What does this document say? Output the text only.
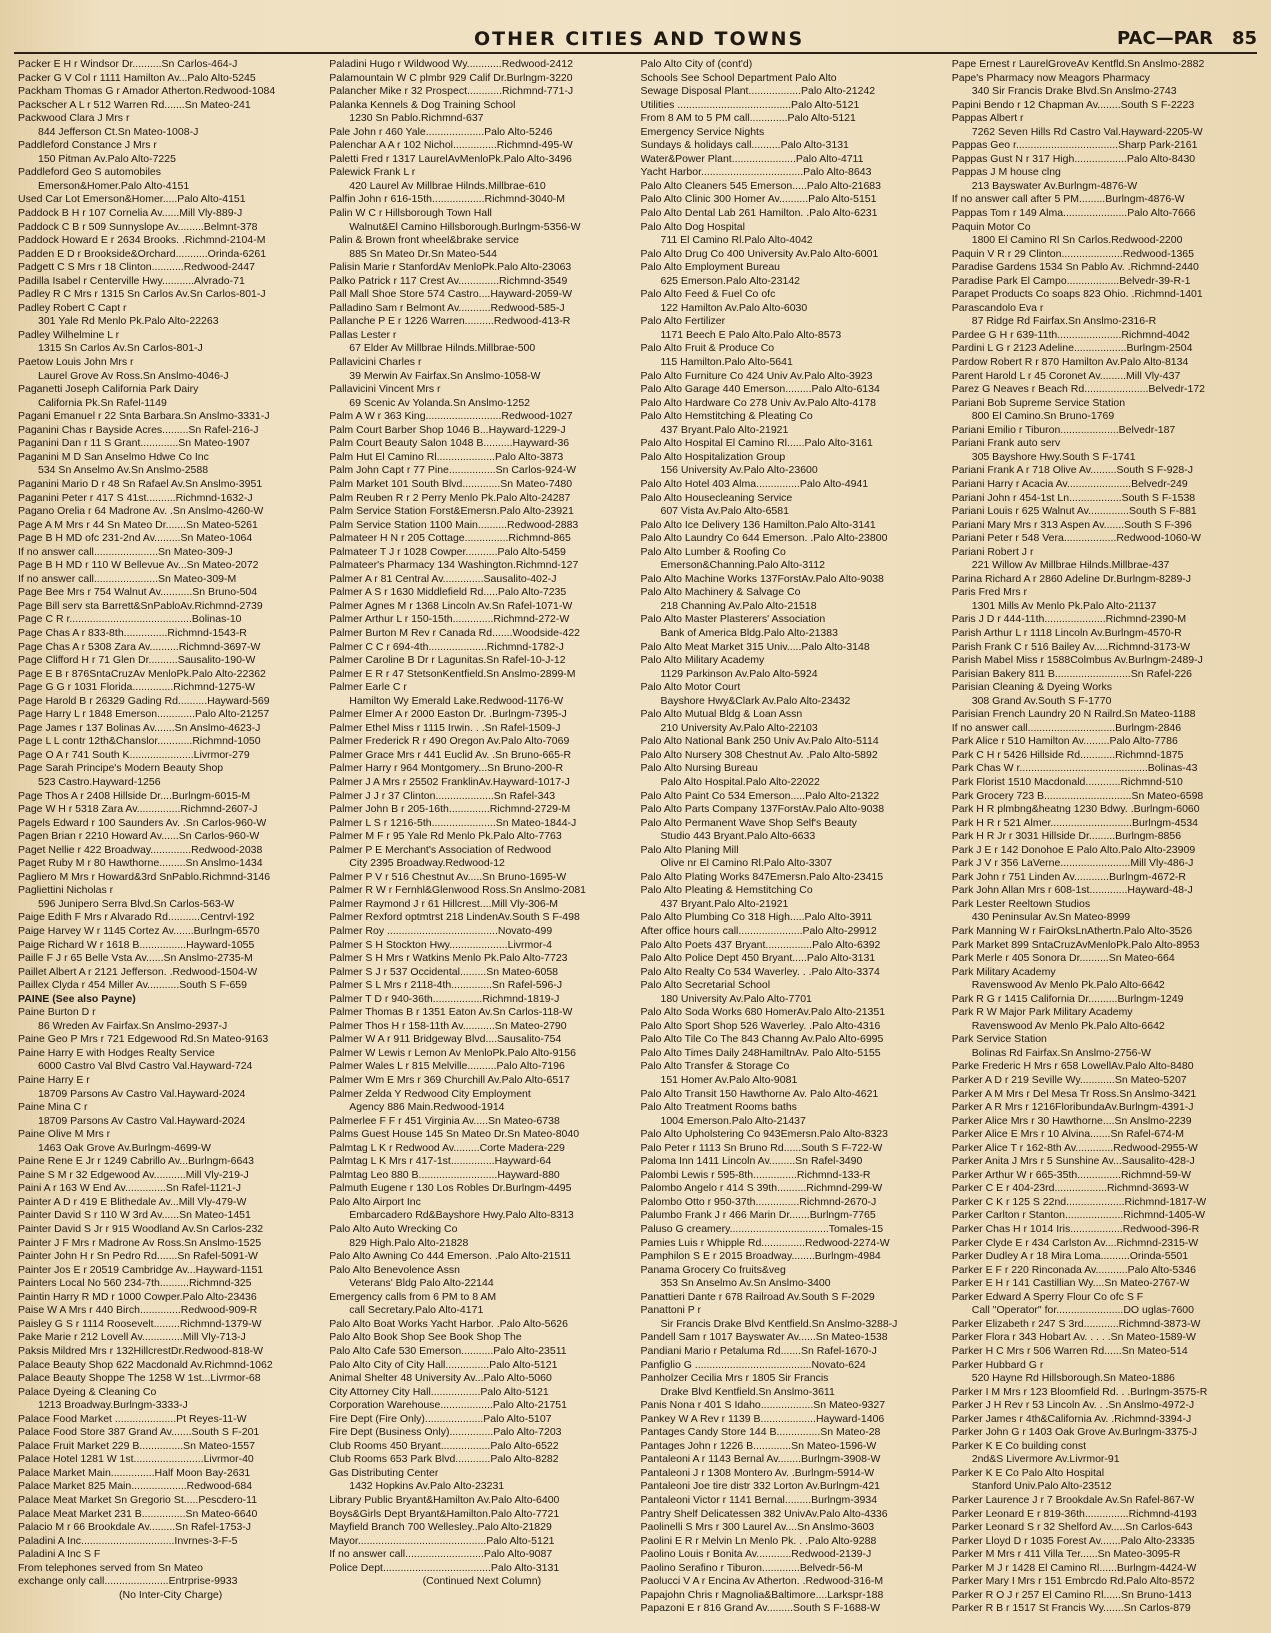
OTHER CITIES AND TOWNS	PAC—PAR 85
Packer E H r Windsor Dr..........Sn Carlos-464-J
Packer G V Col r 1111 Hamilton Av...Palo Alto-5245
Packham Thomas G r Amador Atherton.Redwood-1084
Packscher A L r 512 Warren Rd.......Sn Mateo-241
Packwood Clara J Mrs r
844 Jefferson Ct.Sn Mateo-1008-J
Paddleford Constance J Mrs r
150 Pitman Av.Palo Alto-7225
Paddleford Geo S automobiles
Emerson&Homer.Palo Alto-4151
Used Car Lot Emerson&Homer.....Palo Alto-4151
Paddock B H r 107 Cornelia Av......Mill Vly-889-J
Paddock C B r 509 Sunnyslope Av.........Belmnt-378
Paddock Howard E r 2634 Brooks. .Richmnd-2104-M
Padden E D r Brookside&Orchard...........Orinda-6261
Padgett C S Mrs r 18 Clinton...........Redwood-2447
Padilla Isabel r Centerville Hwy...........Alvrado-71
Padley R C Mrs r 1315 Sn Carlos Av.Sn Carlos-801-J
Padley Robert C Capt r
301 Yale Rd Menlo Pk.Palo Alto-22263
Padley Wilhelmine L r
1315 Sn Carlos Av.Sn Carlos-801-J
Paetow Louis John Mrs r
Laurel Grove Av Ross.Sn Anslmo-4046-J
Paganetti Joseph California Park Dairy
California Pk.Sn Rafel-1149
Pagani Emanuel r 22 Snta Barbara.Sn Anslmo-3331-J
Paganini Chas r Bayside Acres.........Sn Rafel-216-J
Paganini Dan r 11 S Grant.............Sn Mateo-1907
Paganini M D San Anselmo Hdwe Co Inc
534 Sn Anselmo Av.Sn Anslmo-2588
Paganini Mario D r 48 Sn Rafael Av.Sn Anslmo-3951
Paganini Peter r 417 S 41st..........Richmnd-1632-J
Pagano Orelia r 64 Madrone Av. .Sn Anslmo-4260-W
Page A M Mrs r 44 Sn Mateo Dr.......Sn Mateo-5261
Page B H MD ofc 231-2nd Av.........Sn Mateo-1064
If no answer call......................Sn Mateo-309-J
Page B H MD r 110 W Bellevue Av...Sn Mateo-2072
If no answer call......................Sn Mateo-309-M
Page Bee Mrs r 754 Walnut Av...........Sn Bruno-504
Page Bill serv sta Barrett&SnPabloAv.Richmnd-2739
Page C R r..........................................Bolinas-10
Page Chas A r 833-8th...............Richmnd-1543-R
Page Chas A r 5308 Zara Av..........Richmnd-3697-W
Page Clifford H r 71 Glen Dr..........Sausalito-190-W
Page E B r 876SntaCruzAv MenloPk.Palo Alto-22362
Page G G r 1031 Florida..............Richmnd-1275-W
Page Harold B r 26329 Gading Rd..........Hayward-569
Page Harry L r 1848 Emerson.............Palo Alto-21257
Page James r 137 Bolinas Av.......Sn Anslmo-4623-J
Page L L contr 12th&Chanslor............Richmnd-1050
Page O A r 741 South K......................Livrmor-279
Page Sarah Principe's Modern Beauty Shop
523 Castro.Hayward-1256
Page Thos A r 2408 Hillside Dr....Burlngm-6015-M
Page W H r 5318 Zara Av...............Richmnd-2607-J
Pagels Edward r 100 Saunders Av. .Sn Carlos-960-W
Pagen Brian r 2210 Howard Av......Sn Carlos-960-W
Paget Nellie r 422 Broadway..............Redwood-2038
Paget Ruby M r 80 Hawthorne.........Sn Anslmo-1434
Pagliero M Mrs r Howard&3rd SnPablo.Richmnd-3146
Pagliettini Nicholas r
596 Junipero Serra Blvd.Sn Carlos-563-W
Paige Edith F Mrs r Alvarado Rd...........Centrvl-192
Paige Harvey W r 1145 Cortez Av.......Burlngm-6570
Paige Richard W r 1618 B................Hayward-1055
Paille F J r 65 Belle Vsta Av......Sn Anslmo-2735-M
Paillet Albert A r 2121 Jefferson. .Redwood-1504-W
Paillex Clyda r 454 Miller Av...........South S F-659
PAINE (See also Payne)
Paine Burton D r
86 Wreden Av Fairfax.Sn Anslmo-2937-J
Paine Geo P Mrs r 721 Edgewood Rd.Sn Mateo-9163
Paine Harry E with Hodges Realty Service
6000 Castro Val Blvd Castro Val.Hayward-724
Paine Harry E r
18709 Parsons Av Castro Val.Hayward-2024
Paine Mina C r
18709 Parsons Av Castro Val.Hayward-2024
Paine Olive M Mrs r
1463 Oak Grove Av.Burlngm-4699-W
Paine Rene E Jr r 1249 Cabrillo Av...Burlngm-6643
Paine S M r 32 Edgewood Av...........Mill Vly-219-J
Paini A r 163 W End Av..............Sn Rafel-1121-J
Painter A D r 419 E Blithedale Av...Mill Vly-479-W
Painter David S r 110 W 3rd Av......Sn Mateo-1451
Painter David S Jr r 915 Woodland Av.Sn Carlos-232
Painter J F Mrs r Madrone Av Ross.Sn Anslmo-1525
Painter John H r Sn Pedro Rd.......Sn Rafel-5091-W
Painter Jos E r 20519 Cambridge Av...Hayward-1151
Painters Local No 560 234-7th..........Richmnd-325
Paintin Harry R MD r 1000 Cowper.Palo Alto-23436
Paise W A Mrs r 440 Birch..............Redwood-909-R
Paisley G S r 1114 Roosevelt.........Richmnd-1379-W
Pake Marie r 212 Lovell Av..............Mill Vly-713-J
Paksis Mildred Mrs r 132HillcrestDr.Redwood-818-W
Palace Beauty Shop 622 Macdonald Av.Richmnd-1062
Palace Beauty Shoppe The 1258 W 1st...Livrmor-68
Palace Dyeing & Cleaning Co
1213 Broadway.Burlngm-3333-J
Palace Food Market .....................Pt Reyes-11-W
Palace Food Store 387 Grand Av.......South S F-201
Palace Fruit Market 229 B...............Sn Mateo-1557
Palace Hotel 1281 W 1st........................Livrmor-40
Palace Market Main...............Half Moon Bay-2631
Palace Market 825 Main...................Redwood-684
Palace Meat Market Sn Gregorio St.....Pescdero-11
Palace Meat Market 231 B...............Sn Mateo-6640
Palacio M r 66 Brookdale Av.........Sn Rafel-1753-J
Paladini A Inc................................Invrnes-3-F-5
Paladini A Inc S F
From telephones served from Sn Mateo
exchange only call......................Entrprise-9933
(No Inter-City Charge)
Paladini Hugo r Wildwood Wy............Redwood-2412
Palamountain W C plmbr 929 Calif Dr.Burlngm-3220
Palancher Mike r 32 Prospect............Richmnd-771-J
Palanka Kennels & Dog Training School
1230 Sn Pablo.Richmnd-637
Pale John r 460 Yale....................Palo Alto-5246
Palenchar A A r 102 Nichol...............Richmnd-495-W
Paletti Fred r 1317 LaurelAvMenloPk.Palo Alto-3496
Palewick Frank L r
420 Laurel Av Millbrae Hilnds.Millbrae-610
Palfin John r 616-15th..................Richmnd-3040-M
Palin W C r Hillsborough Town Hall
Walnut&El Camino Hillsborough.Burlngm-5356-W
Palin & Brown front wheel&brake service
885 Sn Mateo Dr.Sn Mateo-544
Palisin Marie r StanfordAv MenloPk.Palo Alto-23063
Palko Patrick r 117 Crest Av..............Richmnd-3549
Pall Mall Shoe Store 574 Castro....Hayward-2059-W
Palladino Sam r Belmont Av...........Redwood-585-J
Pallanche P E r 1226 Warren..........Redwood-413-R
Pallas Lester r
67 Elder Av Millbrae Hilnds.Millbrae-500
Pallavicini Charles r
39 Merwin Av Fairfax.Sn Anslmo-1058-W
Pallavicini Vincent Mrs r
69 Scenic Av Yolanda.Sn Anslmo-1252
Palm A W r 363 King..........................Redwood-1027
Palm Court Barber Shop 1046 B...Hayward-1229-J
Palm Court Beauty Salon 1048 B..........Hayward-36
Palm Hut El Camino Rl....................Palo Alto-3873
Palm John Capt r 77 Pine................Sn Carlos-924-W
Palm Market 101 South Blvd.............Sn Mateo-7480
Palm Reuben R r 2 Perry Menlo Pk.Palo Alto-24287
Palm Service Station Forst&Emersn.Palo Alto-23921
Palm Service Station 1100 Main..........Redwood-2883
Palmateer H N r 205 Cottage...............Richmnd-865
Palmateer T J r 1028 Cowper...........Palo Alto-5459
Palmateer's Pharmacy 134 Washington.Richmnd-127
Palmer A r 81 Central Av..............Sausalito-402-J
Palmer A S r 1630 Middlefield Rd.....Palo Alto-7235
Palmer Agnes M r 1368 Lincoln Av.Sn Rafel-1071-W
Palmer Arthur L r 150-15th..............Richmnd-272-W
Palmer Burton M Rev r Canada Rd.......Woodside-422
Palmer C C r 694-4th....................Richmnd-1782-J
Palmer Caroline B Dr r Lagunitas.Sn Rafel-10-J-12
Palmer E R r 47 StetsonKentfield.Sn Anslmo-2899-M
Palmer Earle C r
Hamilton Wy Emerald Lake.Redwood-1176-W
Palmer Elmer A r 2000 Easton Dr. .Burlngm-7395-J
Palmer Ethel Miss r 1115 Irwin. . .Sn Rafel-1509-J
Palmer Frederick R r 490 Oregon Av.Palo Alto-7069
Palmer Grace Mrs r 441 Euclid Av. .Sn Bruno-665-R
Palmer Harry r 964 Montgomery...Sn Bruno-200-R
Palmer J A Mrs r 25502 FranklinAv.Hayward-1017-J
Palmer J J r 37 Clinton....................Sn Rafel-343
Palmer John B r 205-16th..............Richmnd-2729-M
Palmer L S r 1216-5th......................Sn Mateo-1844-J
Palmer M F r 95 Yale Rd Menlo Pk.Palo Alto-7763
Palmer P E Merchant's Association of Redwood
City 2395 Broadway.Redwood-12
Palmer P V r 516 Chestnut Av.....Sn Bruno-1695-W
Palmer R W r Fernhl&Glenwood Ross.Sn Anslmo-2081
Palmer Raymond J r 61 Hillcrest....Mill Vly-306-M
Palmer Rexford optmtrst 218 LindenAv.South S F-498
Palmer Roy ......................................Novato-499
Palmer S H Stockton Hwy....................Livrmor-4
Palmer S H Mrs r Watkins Menlo Pk.Palo Alto-7723
Palmer S J r 537 Occidental.........Sn Mateo-6058
Palmer S L Mrs r 2118-4th..............Sn Rafel-596-J
Palmer T D r 940-36th.................Richmnd-1819-J
Palmer Thomas B r 1351 Eaton Av.Sn Carlos-118-W
Palmer Thos H r 158-11th Av...........Sn Mateo-2790
Palmer W A r 911 Bridgeway Blvd....Sausalito-754
Palmer W Lewis r Lemon Av MenloPk.Palo Alto-9156
Palmer Wales L r 815 Melville..........Palo Alto-7196
Palmer Wm E Mrs r 369 Churchill Av.Palo Alto-6517
Palmer Zelda Y Redwood City Employment
Agency 886 Main.Redwood-1914
Palmerlee F F r 451 Virginia Av.....Sn Mateo-6738
Palms Guest House 145 Sn Mateo Dr.Sn Mateo-8040
Palmtag L K r Redwood Av.........Corte Madera-229
Palmtag L K Mrs r 417-1st...............Hayward-64
Palmtag Leo 880 B...........................Hayward-880
Palmuth Eugene r 130 Los Robles Dr.Burlngm-4495
Palo Alto Airport Inc
Embarcadero Rd&Bayshore Hwy.Palo Alto-8313
Palo Alto Auto Wrecking Co
829 High.Palo Alto-21828
Palo Alto Awning Co 444 Emerson. .Palo Alto-21511
Palo Alto Benevolence Assn
Veterans' Bldg Palo Alto-22144
Emergency calls from 6 PM to 8 AM
call Secretary.Palo Alto-4171
Palo Alto Boat Works Yacht Harbor. .Palo Alto-5626
Palo Alto Book Shop See Book Shop The
Palo Alto Cafe 530 Emerson...........Palo Alto-23511
Palo Alto City of City Hall...............Palo Alto-5121
Animal Shelter 48 University Av...Palo Alto-5060
City Attorney City Hall.................Palo Alto-5121
Corporation Warehouse..................Palo Alto-21751
Fire Dept (Fire Only)....................Palo Alto-5107
Fire Dept (Business Only)...............Palo Alto-7203
Club Rooms 450 Bryant.................Palo Alto-6522
Club Rooms 653 Park Blvd............Palo Alto-8282
Gas Distributing Center
1432 Hopkins Av.Palo Alto-23231
Library Public Bryant&Hamilton Av.Palo Alto-6400
Boys&Girls Dept Bryant&Hamilton.Palo Alto-7721
Mayfield Branch 700 Wellesley..Palo Alto-21829
Mayor............................................Palo Alto-5121
If no answer call...........................Palo Alto-9087
Police Dept.....................................Palo Alto-3131
(Continued Next Column)
Palo Alto City of (cont'd)
Schools See School Department Palo Alto
Sewage Disposal Plant..................Palo Alto-21242
Utilities .......................................Palo Alto-5121
From 8 AM to 5 PM call.............Palo Alto-5121
Emergency Service Nights
Sundays & holidays call..........Palo Alto-3131
Water&Power Plant......................Palo Alto-4711
Yacht Harbor...................................Palo Alto-8643
Palo Alto Cleaners 545 Emerson.....Palo Alto-21683
Palo Alto Clinic 300 Homer Av..........Palo Alto-5151
Palo Alto Dental Lab 261 Hamilton. .Palo Alto-6231
Palo Alto Dog Hospital
711 El Camino Rl.Palo Alto-4042
Palo Alto Drug Co 400 University Av.Palo Alto-6001
Palo Alto Employment Bureau
625 Emerson.Palo Alto-23142
Palo Alto Feed & Fuel Co ofc
122 Hamilton Av.Palo Alto-6030
Palo Alto Fertilizer
1171 Beech E Palo Alto.Palo Alto-8573
Palo Alto Fruit & Produce Co
115 Hamilton.Palo Alto-5641
Palo Alto Furniture Co 424 Univ Av.Palo Alto-3923
Palo Alto Garage 440 Emerson.........Palo Alto-6134
Palo Alto Hardware Co 278 Univ Av.Palo Alto-4178
Palo Alto Hemstitching & Pleating Co
437 Bryant.Palo Alto-21921
Palo Alto Hospital El Camino Rl......Palo Alto-3161
Palo Alto Hospitalization Group
156 University Av.Palo Alto-23600
Palo Alto Hotel 403 Alma...............Palo Alto-4941
Palo Alto Housecleaning Service
607 Vista Av.Palo Alto-6581
Palo Alto Ice Delivery 136 Hamilton.Palo Alto-3141
Palo Alto Laundry Co 644 Emerson. .Palo Alto-23800
Palo Alto Lumber & Roofing Co
Emerson&Channing.Palo Alto-3112
Palo Alto Machine Works 137ForstAv.Palo Alto-9038
Palo Alto Machinery & Salvage Co
218 Channing Av.Palo Alto-21518
Palo Alto Master Plasterers' Association
Bank of America Bldg.Palo Alto-21383
Palo Alto Meat Market 315 Univ.....Palo Alto-3148
Palo Alto Military Academy
1129 Parkinson Av.Palo Alto-5924
Palo Alto Motor Court
Bayshore Hwy&Clark Av.Palo Alto-23432
Palo Alto Mutual Bldg & Loan Assn
210 University Av.Palo Alto-22103
Palo Alto National Bank 250 Univ Av.Palo Alto-5114
Palo Alto Nursery 308 Chestnut Av. .Palo Alto-5892
Palo Alto Nursing Bureau
Palo Alto Hospital.Palo Alto-22022
Palo Alto Paint Co 534 Emerson.....Palo Alto-21322
Palo Alto Parts Company 137ForstAv.Palo Alto-9038
Palo Alto Permanent Wave Shop Self's Beauty
Studio 443 Bryant.Palo Alto-6633
Palo Alto Planing Mill
Olive nr El Camino Rl.Palo Alto-3307
Palo Alto Plating Works 847Emersn.Palo Alto-23415
Palo Alto Pleating & Hemstitching Co
437 Bryant.Palo Alto-21921
Palo Alto Plumbing Co 318 High.....Palo Alto-3911
After office hours call......................Palo Alto-29912
Palo Alto Poets 437 Bryant................Palo Alto-6392
Palo Alto Police Dept 450 Bryant.....Palo Alto-3131
Palo Alto Realty Co 534 Waverley. . .Palo Alto-3374
Palo Alto Secretarial School
180 University Av.Palo Alto-7701
Palo Alto Soda Works 680 HomerAv.Palo Alto-21351
Palo Alto Sport Shop 526 Waverley. .Palo Alto-4316
Palo Alto Tile Co The 843 Channg Av.Palo Alto-6995
Palo Alto Times Daily 248HamiltnAv. Palo Alto-5155
Palo Alto Transfer & Storage Co
151 Homer Av.Palo Alto-9081
Palo Alto Transit 150 Hawthorne Av. Palo Alto-4621
Palo Alto Treatment Rooms baths
1004 Emerson.Palo Alto-21437
Palo Alto Upholstering Co 943Emersn.Palo Alto-8323
Palo Peter r 1113 Sn Bruno Rd......South S F-722-W
Paloma Inn 1411 Lincoln Av.........Sn Rafel-3490
Palombi Lewis r 595-8th...............Richmnd-133-R
Palombo Angelo r 414 S 39th..........Richmnd-299-W
Palombo Otto r 950-37th...............Richmnd-2670-J
Palumbo Frank J r 466 Marin Dr.......Burlngm-7765
Paluso G creamery..................................Tomales-15
Pamies Luis r Whipple Rd...............Redwood-2274-W
Pamphilon S E r 2015 Broadway........Burlngm-4984
Panama Grocery Co fruits&veg
353 Sn Anselmo Av.Sn Anslmo-3400
Panattieri Dante r 678 Railroad Av.South S F-2029
Panattoni P r
Sir Francis Drake Blvd Kentfield.Sn Anslmo-3288-J
Pandell Sam r 1017 Bayswater Av......Sn Mateo-1538
Pandiani Mario r Petaluma Rd.......Sn Rafel-1670-J
Panfiglio G ........................................Novato-624
Panholzer Cecilia Mrs r 1805 Sir Francis
Drake Blvd Kentfield.Sn Anslmo-3611
Panis Nona r 401 S Idaho..................Sn Mateo-9327
Pankey W A Rev r 1139 B...................Hayward-1406
Pantages Candy Store 144 B...............Sn Mateo-28
Pantages John r 1226 B.............Sn Mateo-1596-W
Pantaleoni A r 1143 Bernal Av........Burlngm-3908-W
Pantaleoni J r 1308 Montero Av. .Burlngm-5914-W
Pantaleoni Joe tire distr 332 Lorton Av.Burlngm-421
Pantaleoni Victor r 1141 Bernal.........Burlngm-3934
Pantry Shelf Delicatessen 382 UnivAv.Palo Alto-4336
Paolinelli S Mrs r 300 Laurel Av....Sn Anslmo-3603
Paolini E R r Melvin Ln Menlo Pk. . .Palo Alto-9288
Paolino Louis r Bonita Av............Redwood-2139-J
Paolino Serafino r Tiburon.............Belvedr-56-M
Paolucci V A r Encina Av Atherton. .Redwood-316-M
Papajohn Chris r Magnolia&Baltimore....Larkspr-188
Papazoni E r 816 Grand Av.........South S F-1688-W
Pape Ernest r LaurelGroveAv Kentfld.Sn Anslmo-2882
Pape's Pharmacy now Meagors Pharmacy
340 Sir Francis Drake Blvd.Sn Anslmo-2743
Papini Bendo r 12 Chapman Av........South S F-2223
Pappas Albert r
7262 Seven Hills Rd Castro Val.Hayward-2205-W
Pappas Geo r...................................Sharp Park-2161
Pappas Gust N r 317 High..................Palo Alto-8430
Pappas J M house clng
213 Bayswater Av.Burlngm-4876-W
If no answer call after 5 PM.........Burlngm-4876-W
Pappas Tom r 149 Alma......................Palo Alto-7666
Paquin Motor Co
1800 El Camino Rl Sn Carlos.Redwood-2200
Paquin V R r 29 Clinton.....................Redwood-1365
Paradise Gardens 1534 Sn Pablo Av. .Richmnd-2440
Paradise Park El Campo..................Belvedr-39-R-1
Parapet Products Co soaps 823 Ohio. .Richmnd-1401
Parascandolo Eva r
87 Ridge Rd Fairfax.Sn Anslmo-2316-R
Pardee G H r 639-11th......................Richmnd-4042
Pardini L G r 2123 Adeline..................Burlngm-2504
Pardow Robert R r 870 Hamilton Av.Palo Alto-8134
Parent Harold L r 45 Coronet Av.........Mill Vly-437
Parez G Neaves r Beach Rd......................Belvedr-172
Pariani Bob Supreme Service Station
800 El Camino.Sn Bruno-1769
Pariani Emilio r Tiburon....................Belvedr-187
Pariani Frank auto serv
305 Bayshore Hwy.South S F-1741
Pariani Frank A r 718 Olive Av.........South S F-928-J
Pariani Harry r Acacia Av......................Belvedr-249
Pariani John r 454-1st Ln..................South S F-1538
Pariani Louis r 625 Walnut Av..............South S F-881
Pariani Mary Mrs r 313 Aspen Av.......South S F-396
Pariani Peter r 548 Vera..................Redwood-1060-W
Pariani Robert J r
221 Willow Av Millbrae Hilnds.Millbrae-437
Parina Richard A r 2860 Adeline Dr.Burlngm-8289-J
Paris Fred Mrs r
1301 Mills Av Menlo Pk.Palo Alto-21137
Paris J D r 444-11th.....................Richmnd-2390-M
Parish Arthur L r 1118 Lincoln Av.Burlngm-4570-R
Parish Frank C r 516 Bailey Av.....Richmnd-3173-W
Parish Mabel Miss r 1588Colmbus Av.Burlngm-2489-J
Parisian Bakery 811 B..........................Sn Rafel-226
Parisian Cleaning & Dyeing Works
308 Grand Av.South S F-1770
Parisian French Laundry 20 N Railrd.Sn Mateo-1188
If no answer call..............................Burlngm-2846
Park Alice r 510 Hamilton Av.........Palo Alto-7786
Park C H r 5426 Hillside Rd............Richmnd-1875
Park Chas W r............................................Bolinas-43
Park Florist 1510 Macdonald............Richmnd-510
Park Grocery 723 B..............................Sn Mateo-6598
Park H R plmbng&heatng 1230 Bdwy. .Burlngm-6060
Park H R r 521 Almer............................Burlngm-4534
Park H R Jr r 3031 Hillside Dr.........Burlngm-8856
Park J E r 142 Donohoe E Palo Alto.Palo Alto-23909
Park J V r 356 LaVerne........................Mill Vly-486-J
Park John r 751 Linden Av............Burlngm-4672-R
Park John Allan Mrs r 608-1st.............Hayward-48-J
Park Lester Reeltown Studios
430 Peninsular Av.Sn Mateo-8999
Park Manning W r FairOksLnAthertn.Palo Alto-3526
Park Market 899 SntaCruzAvMenloPk.Palo Alto-8953
Park Merle r 405 Sonora Dr..........Sn Mateo-664
Park Military Academy
Ravenswood Av Menlo Pk.Palo Alto-6642
Park R G r 1415 California Dr..........Burlngm-1249
Park R W Major Park Military Academy
Ravenswood Av Menlo Pk.Palo Alto-6642
Park Service Station
Bolinas Rd Fairfax.Sn Anslmo-2756-W
Parke Frederic H Mrs r 658 LowellAv.Palo Alto-8480
Parker A D r 219 Seville Wy............Sn Mateo-5207
Parker A M Mrs r Del Mesa Tr Ross.Sn Anslmo-3421
Parker A R Mrs r 1216FloribundaAv.Burlngm-4391-J
Parker Alice Mrs r 30 Hawthorne....Sn Anslmo-2239
Parker Alice E Mrs r 10 Alvina.......Sn Rafel-674-M
Parker Alice T r 162-8th Av.............Redwood-2955-W
Parker Anita J Mrs r 5 Sunshine Av...Sausalito-428-J
Parker Arthur W r 665-35th...............Richmnd-59-W
Parker C E r 404-23rd..................Richmnd-3693-W
Parker C K r 125 S 22nd....................Richmnd-1817-W
Parker Carlton r Stanton....................Richmnd-1405-W
Parker Chas H r 1014 Iris..................Redwood-396-R
Parker Clyde E r 434 Carlston Av....Richmnd-2315-W
Parker Dudley A r 18 Mira Loma..........Orinda-5501
Parker E F r 220 Rinconada Av...........Palo Alto-5346
Parker E H r 141 Castillian Wy....Sn Mateo-2767-W
Parker Edward A Sperry Flour Co ofc S F
Call "Operator" for.......................DO uglas-7600
Parker Elizabeth r 247 S 3rd............Richmnd-3873-W
Parker Flora r 343 Hobart Av. . . . .Sn Mateo-1589-W
Parker H C Mrs r 506 Warren Rd......Sn Mateo-514
Parker Hubbard G r
520 Hayne Rd Hillsborough.Sn Mateo-1886
Parker I M Mrs r 123 Bloomfield Rd. . .Burlngm-3575-R
Parker J H Rev r 53 Lincoln Av. . .Sn Anslmo-4972-J
Parker James r 4th&California Av. .Richmnd-3394-J
Parker John G r 1403 Oak Grove Av.Burlngm-3375-J
Parker K E Co building const
2nd&S Livermore Av.Livrmor-91
Parker K E Co Palo Alto Hospital
Stanford Univ.Palo Alto-23512
Parker Laurence J r 7 Brookdale Av.Sn Rafel-867-W
Parker Leonard E r 819-36th...............Richmnd-4193
Parker Leonard S r 32 Shelford Av.....Sn Carlos-643
Parker Lloyd D r 1035 Forest Av.......Palo Alto-23335
Parker M Mrs r 411 Villa Ter......Sn Mateo-3095-R
Parker M J r 1428 El Camino Rl......Burlngm-4424-W
Parker Mary I Mrs r 151 Embrcdo Rd.Palo Alto-8572
Parker R O J r 257 El Camino Rl......Sn Bruno-1413
Parker R B r 1517 St Francis Wy.......Sn Carlos-879
